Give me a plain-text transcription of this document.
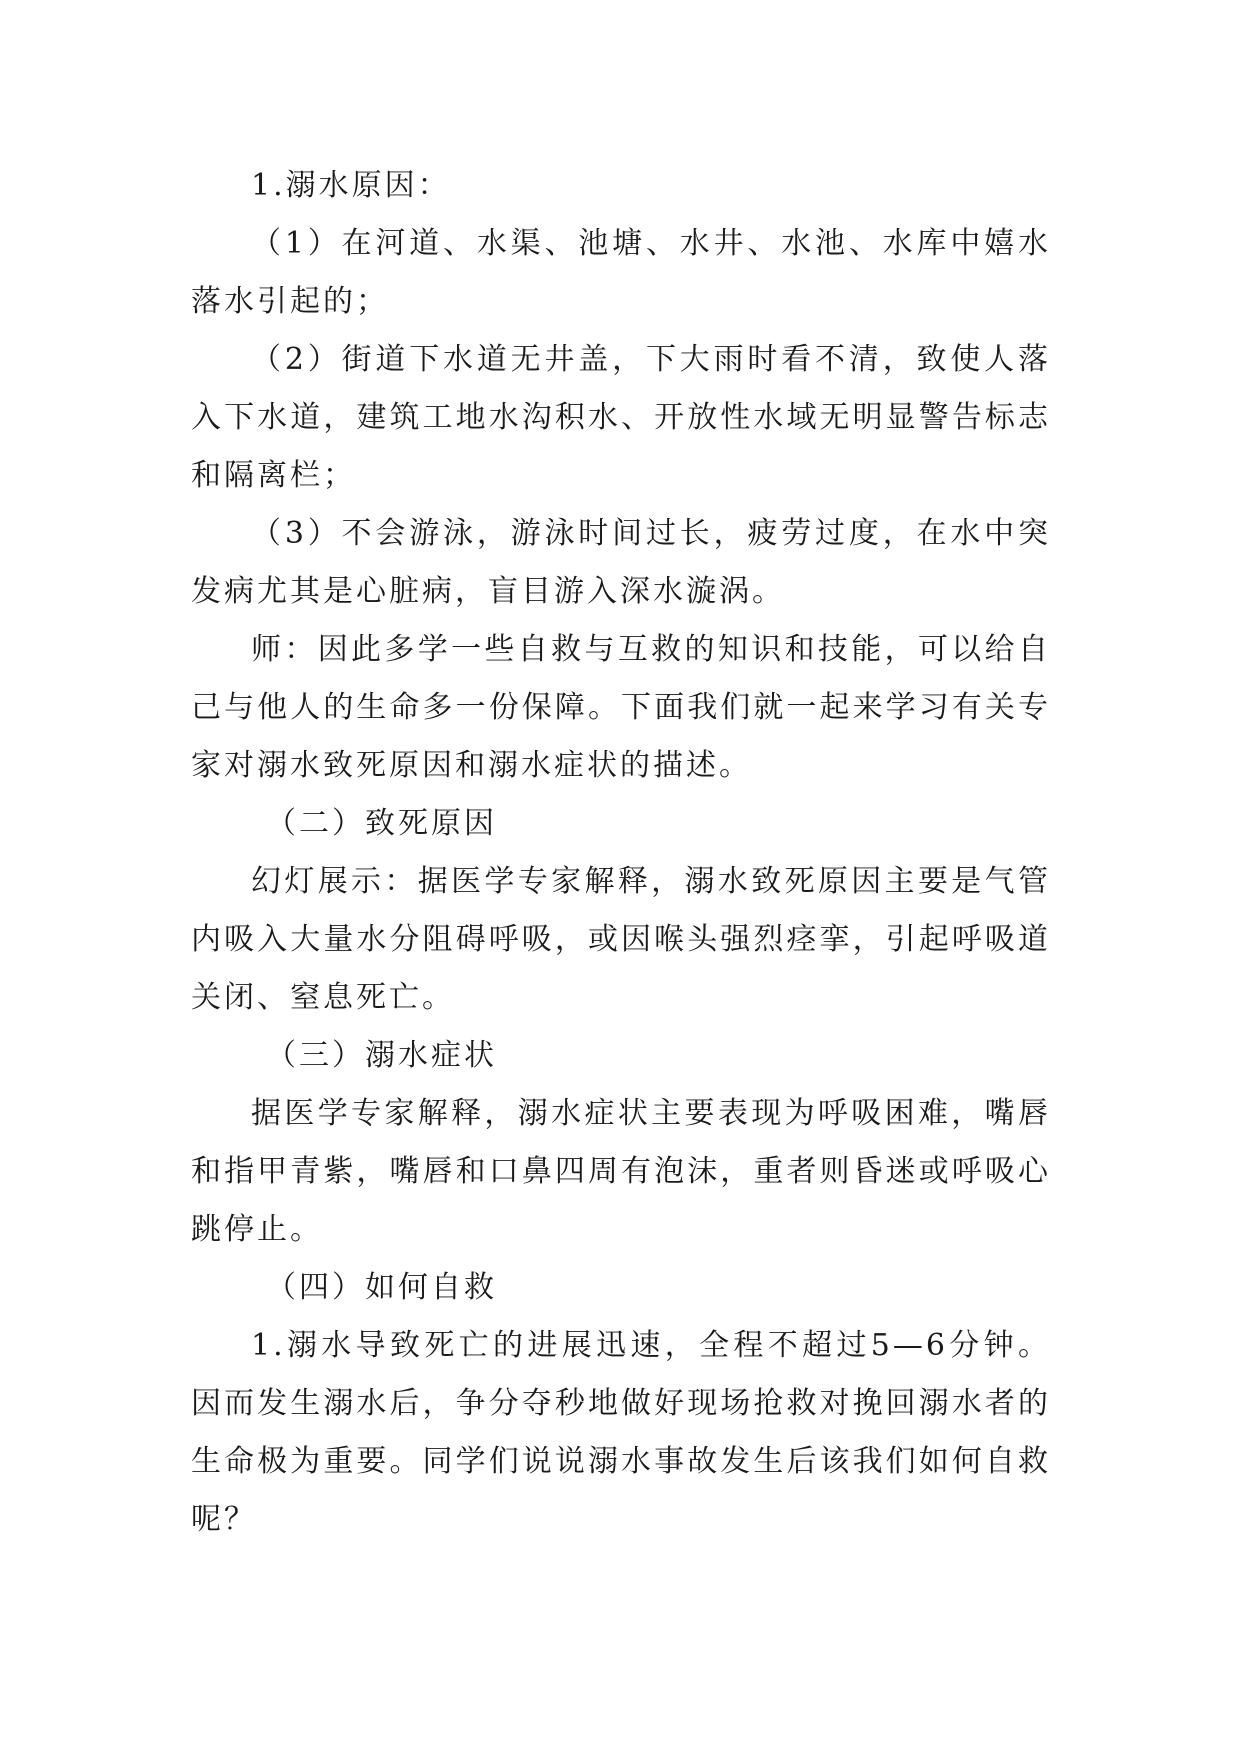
1.溺水原因：

（1）在河道、水渠、池塘、水井、水池、水库中嬉水落水引起的；

（2）街道下水道无井盖，下大雨时看不清，致使人落入下水道，建筑工地水沟积水、开放性水域无明显警告标志和隔离栏；

（3）不会游泳，游泳时间过长，疲劳过度，在水中突发病尤其是心脏病，盲目游入深水漩涡。

师：因此多学一些自救与互救的知识和技能，可以给自己与他人的生命多一份保障。下面我们就一起来学习有关专家对溺水致死原因和溺水症状的描述。

（二）致死原因

幻灯展示：据医学专家解释，溺水致死原因主要是气管内吸入大量水分阻碍呼吸，或因喉头强烈痉挛，引起呼吸道关闭、窒息死亡。

（三）溺水症状

据医学专家解释，溺水症状主要表现为呼吸困难，嘴唇和指甲青紫，嘴唇和口鼻四周有泡沫，重者则昏迷或呼吸心跳停止。

（四）如何自救

1.溺水导致死亡的进展迅速，全程不超过5—6分钟。因而发生溺水后，争分夺秒地做好现场抢救对挽回溺水者的生命极为重要。同学们说说溺水事故发生后该我们如何自救呢？
